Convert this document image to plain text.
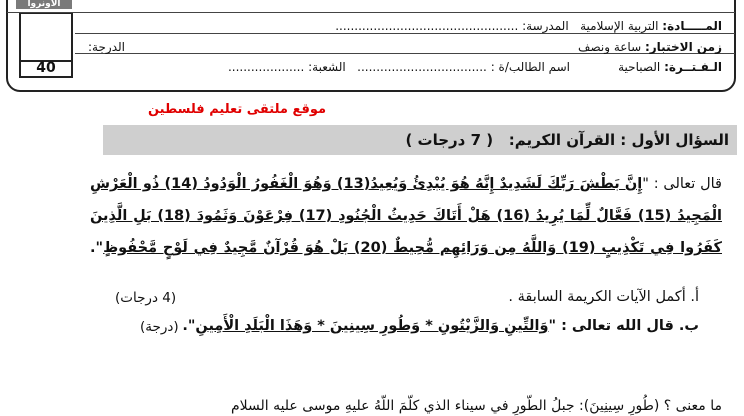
الأونروا
40
المـــــادة: التربية الإسلامية   المدرسة: ................................................
زمن الاختبار: ساعة ونصف
الدرجة:
الـفـتــرة: الصباحية
اسم الطالب/ة : ..................................   الشعبة: ....................
موقع ملتقى تعليم فلسطين
السؤال الأول : القرآن الكريم:   ( 7 درجات )
قال تعالى : "إِنَّ بَطْشَ رَبِّكَ لَشَدِيدٌ إِنَّهُ هُوَ يُبْدِئُ وَيُعِيدُ(13) وَهُوَ الْغَفُورُ الْوَدُودُ (14) ذُو الْعَرْشِ
الْمَجِيدُ (15) فَعَّالٌ لِّمَا يُرِيدُ (16) هَلْ أَتَاكَ حَدِيثُ الْجُنُودِ (17) فِرْعَوْنَ وَثَمُودَ (18) بَلِ الَّذِينَ
كَفَرُوا فِي تَكْذِيبٍ (19) وَاللَّهُ مِن وَرَائِهِم مُّحِيطٌ (20) بَلْ هُوَ قُرْآنٌ مَّجِيدٌ فِي لَوْحٍ مَّحْفُوظٍ".
أ. أكمل الآيات الكريمة السابقة .
(4 درجات)
ب. قال الله تعالى : "وَالتِّينِ وَالزَّيْتُونِ * وَطُورِ سِينِينَ * وَهَذَا الْبَلَدِ الْأَمِينِ".
(درجة)
ما معنى ؟ (طُورِ سِينِينَ): جبلُ الطّورِ في سيناء الذي كلّمَ اللّهُ عليهِ موسى عليه السلام
